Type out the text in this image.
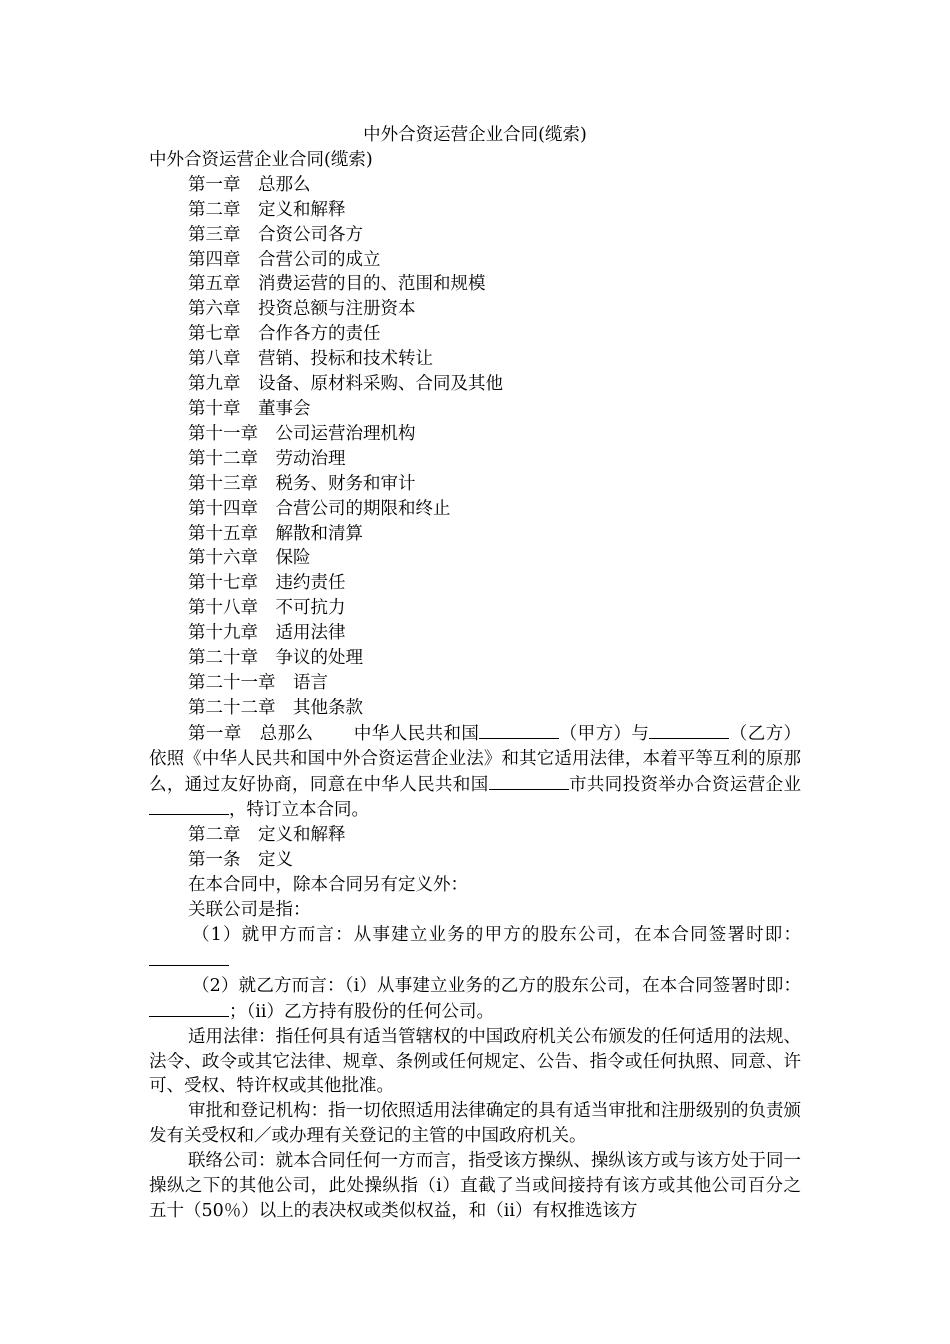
中外合资运营企业合同(缆索)

中外合资运营企业合同(缆索)

第一章　总那么

第二章　定义和解释

第三章　合资公司各方

第四章　合营公司的成立

第五章　消费运营的目的、范围和规模

第六章　投资总额与注册资本

第七章　合作各方的责任

第八章　营销、投标和技术转让

第九章　设备、原材料采购、合同及其他

第十章　董事会

第十一章　公司运营治理机构

第十二章　劳动治理

第十三章　税务、财务和审计

第十四章　合营公司的期限和终止

第十五章　解散和清算

第十六章　保险

第十七章　违约责任

第十八章　不可抗力

第十九章　适用法律

第二十章　争议的处理

第二十一章　语言

第二十二章　其他条款

第一章　总那么 中华人民共和国	（甲方）与	（乙方）依照《中华人民共和国中外合资运营企业法》和其它适用法律，本着平等互利的原那么，通过友好协商，同意在中华人民共和国	市共同投资举办合资运营企业，特订立本合同。

第二章　定义和解释

第一条　定义

在本合同中，除本合同另有定义外：

关联公司是指：

（1）就甲方而言：从事建立业务的甲方的股东公司，在本合同签署时即：

（2）就乙方而言：（i）从事建立业务的乙方的股东公司，在本合同签署时即：；（ii）乙方持有股份的任何公司。

适用法律：指任何具有适当管辖权的中国政府机关公布颁发的任何适用的法规、法令、政令或其它法律、规章、条例或任何规定、公告、指令或任何执照、同意、许可、受权、特许权或其他批准。

审批和登记机构：指一切依照适用法律确定的具有适当审批和注册级别的负责颁发有关受权和／或办理有关登记的主管的中国政府机关。

联络公司：就本合同任何一方而言，指受该方操纵、操纵该方或与该方处于同一操纵之下的其他公司，此处操纵指（i）直截了当或间接持有该方或其他公司百分之五十（50％）以上的表决权或类似权益，和（ii）有权推选该方
